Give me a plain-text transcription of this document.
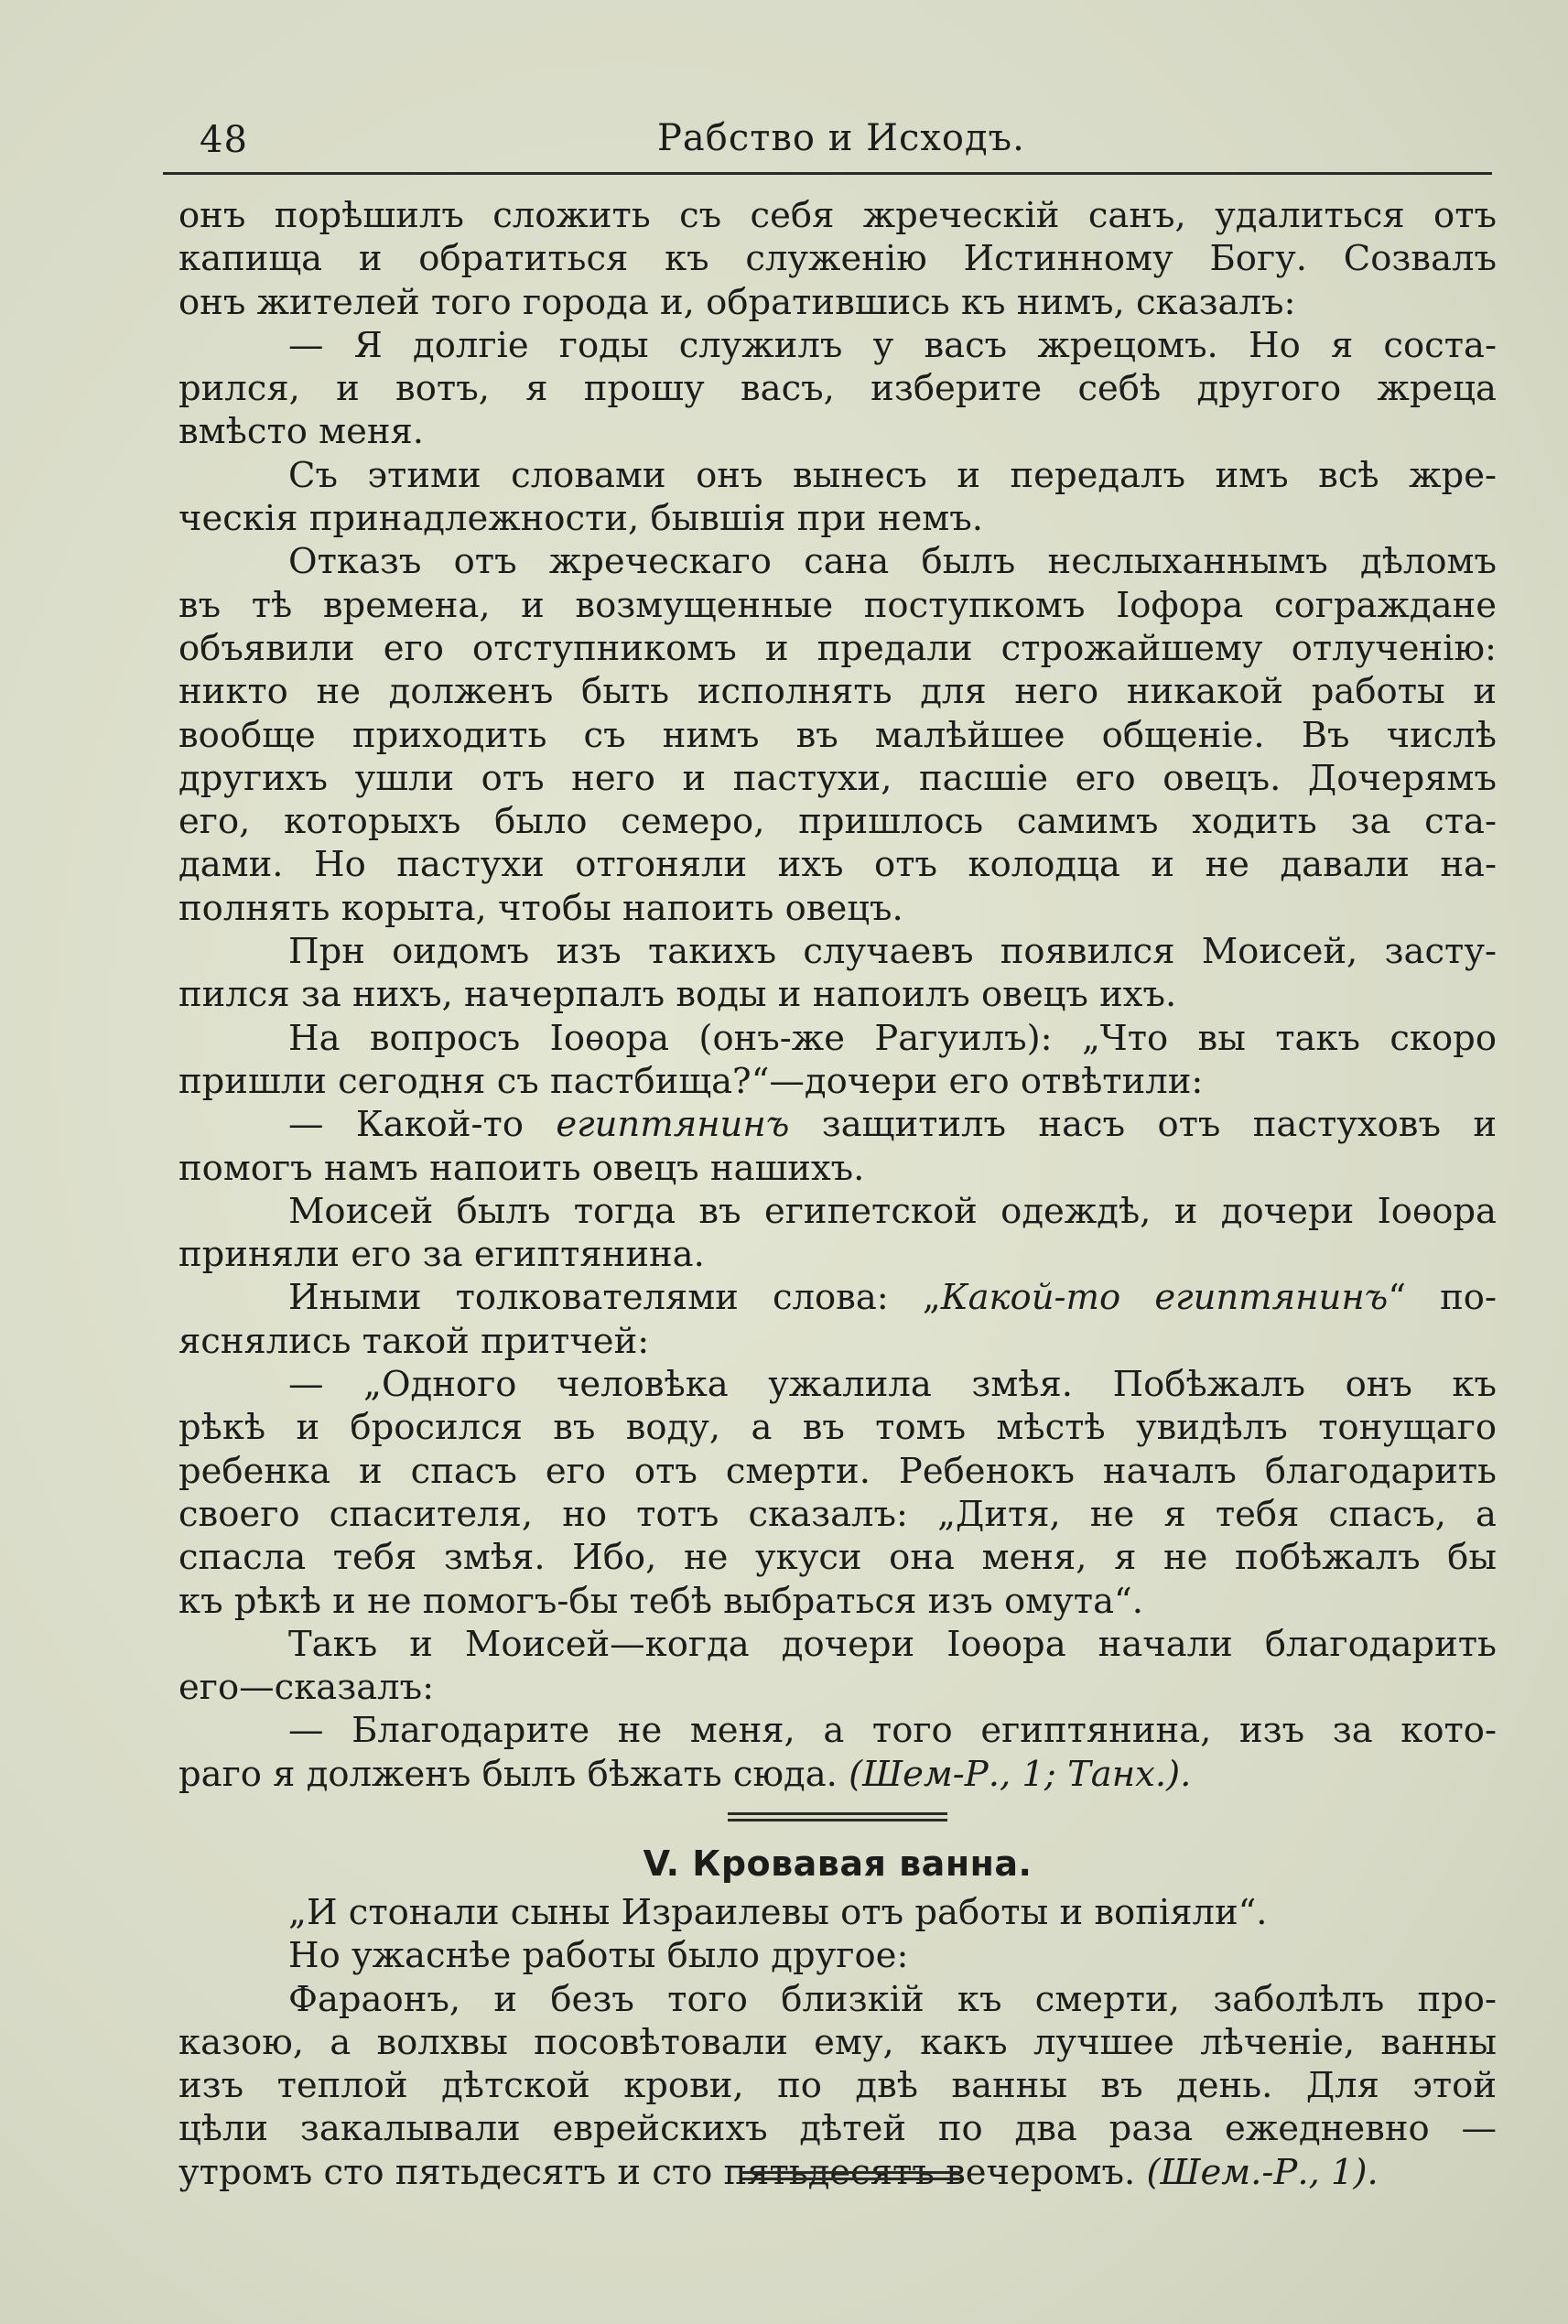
48	Рабство и Исходъ.
онъ порѣшилъ сложить съ себя жреческій санъ, удалиться отъ
капища и обратиться къ служенію Истинному Богу. Созвалъ
онъ жителей того города и, обратившись къ нимъ, сказалъ:
— Я долгіе годы служилъ у васъ жрецомъ. Но я соста-
рился, и вотъ, я прошу васъ, изберите себѣ другого жреца
вмѣсто меня.
Съ этими словами онъ вынесъ и передалъ имъ всѣ жре-
ческія принадлежности, бывшія при немъ.
Отказъ отъ жреческаго сана былъ неслыханнымъ дѣломъ
въ тѣ времена, и возмущенные поступкомъ Іофора сограждане
объявили его отступникомъ и предали строжайшему отлученію:
никто не долженъ быть исполнять для него никакой работы и
вообще приходить съ нимъ въ малѣйшее общеніе. Въ числѣ
другихъ ушли отъ него и пастухи, пасшіе его овецъ. Дочерямъ
его, которыхъ было семеро, пришлось самимъ ходить за ста-
дами. Но пастухи отгоняли ихъ отъ колодца и не давали на-
полнять корыта, чтобы напоить овецъ.
Прн оидомъ изъ такихъ случаевъ появился Моисей, засту-
пился за нихъ, начерпалъ воды и напоилъ овецъ ихъ.
На вопросъ Іоѳора (онъ-же Рагуилъ): „Что вы такъ скоро
пришли сегодня съ пастбища?“—дочери его отвѣтили:
— Какой-то египтянинъ защитилъ насъ отъ пастуховъ и
помогъ намъ напоить овецъ нашихъ.
Моисей былъ тогда въ египетской одеждѣ, и дочери Іоѳора
приняли его за египтянина.
Иными толкователями слова: „Какой-то египтянинъ“ по-
яснялись такой притчей:
— „Одного человѣка ужалила змѣя. Побѣжалъ онъ къ
рѣкѣ и бросился въ воду, а въ томъ мѣстѣ увидѣлъ тонущаго
ребенка и спасъ его отъ смерти. Ребенокъ началъ благодарить
своего спасителя, но тотъ сказалъ: „Дитя, не я тебя спасъ, а
спасла тебя змѣя. Ибо, не укуси она меня, я не побѣжалъ бы
къ рѣкѣ и не помогъ-бы тебѣ выбраться изъ омута“.
Такъ и Моисей—когда дочери Іоѳора начали благодарить
его—сказалъ:
— Благодарите не меня, а того египтянина, изъ за кото-
раго я долженъ былъ бѣжать сюда. (Шем-Р., 1; Танх.).
V. Кровавая ванна.
„И стонали сыны Израилевы отъ работы и вопіяли“.
Но ужаснѣе работы было другое:
Фараонъ, и безъ того близкій къ смерти, заболѣлъ про-
казою, а волхвы посовѣтовали ему, какъ лучшее лѣченіе, ванны
изъ теплой дѣтской крови, по двѣ ванны въ день. Для этой
цѣли закалывали еврейскихъ дѣтей по два раза ежедневно —
утромъ сто пятьдесятъ и сто пятьдесятъ вечеромъ. (Шем.-Р., 1).
